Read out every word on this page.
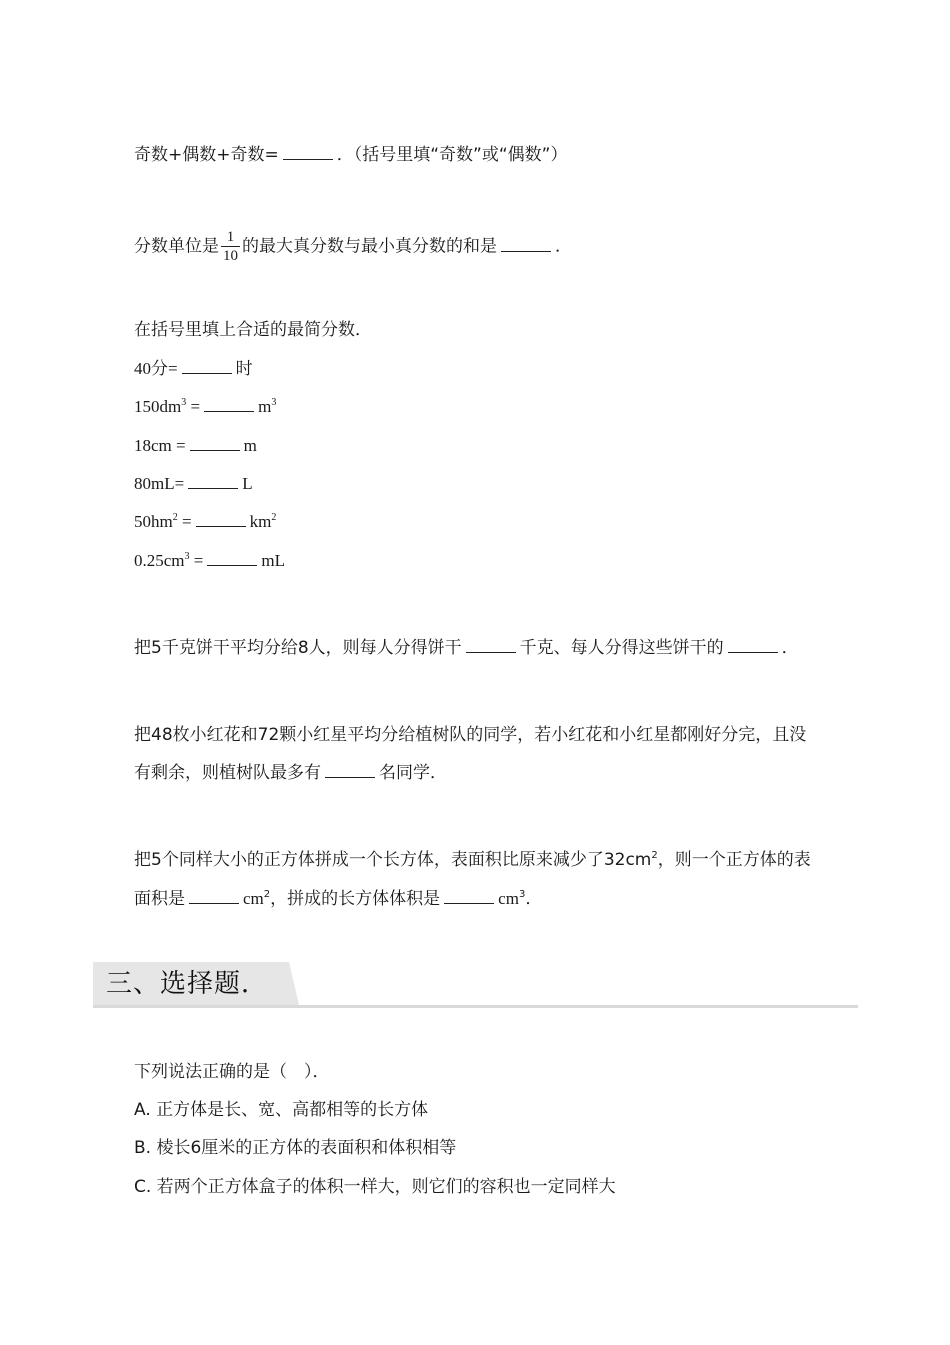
奇数+偶数+奇数=	．（括号里填“奇数”或“偶数”）
分数单位是 $\frac{1}{10}$ 的最大真分数与最小真分数的和是	．
在括号里填上合适的最简分数．
40分=	时
$150dm^3$ =	$m^3$
18cm =	m
80mL=	L
$50hm^2$ =	$km^2$
$0.25cm^3$ =	mL
把5千克饼干平均分给8人，则每人分得饼干	千克、每人分得这些饼干的	．
把48枚小红花和72颗小红星平均分给植树队的同学，若小红花和小红星都刚好分完，且没
有剩余，则植树队最多有	名同学．
把5个同样大小的正方体拼成一个长方体，表面积比原来减少了$32cm^2$，则一个正方体的表
面积是	$cm^2$，拼成的长方体体积是	$cm^3$．
三、选择题．
下列说法正确的是（　）．
A. 正方体是长、宽、高都相等的长方体
B. 棱长6厘米的正方体的表面积和体积相等
C. 若两个正方体盒子的体积一样大，则它们的容积也一定同样大
